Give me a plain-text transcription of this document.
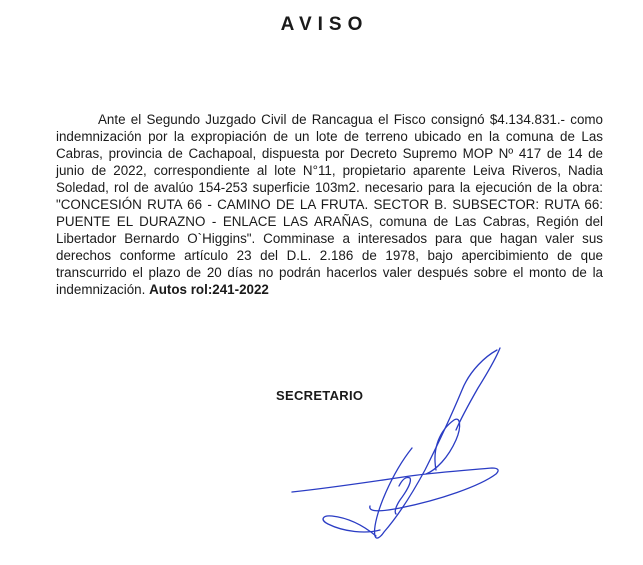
AVISO

Ante el Segundo Juzgado Civil de Rancagua el Fisco consignó $4.134.831.- como indemnización por la expropiación de un lote de terreno ubicado en la comuna de Las Cabras, provincia de Cachapoal, dispuesta por Decreto Supremo MOP Nº 417 de 14 de junio de 2022, correspondiente al lote N°11, propietario aparente Leiva Riveros, Nadia Soledad, rol de avalúo 154-253 superficie 103m2. necesario para la ejecución de la obra: "CONCESIÓN RUTA 66 - CAMINO DE LA FRUTA. SECTOR B. SUBSECTOR: RUTA 66: PUENTE EL DURAZNO - ENLACE LAS ARAÑAS, comuna de Las Cabras, Región del Libertador Bernardo O`Higgins". Comminase a interesados para que hagan valer sus derechos conforme artículo 23 del D.L. 2.186 de 1978, bajo apercibimiento de que transcurrido el plazo de 20 días no podrán hacerlos valer después sobre el monto de la indemnización. Autos rol:241-2022

SECRETARIO
